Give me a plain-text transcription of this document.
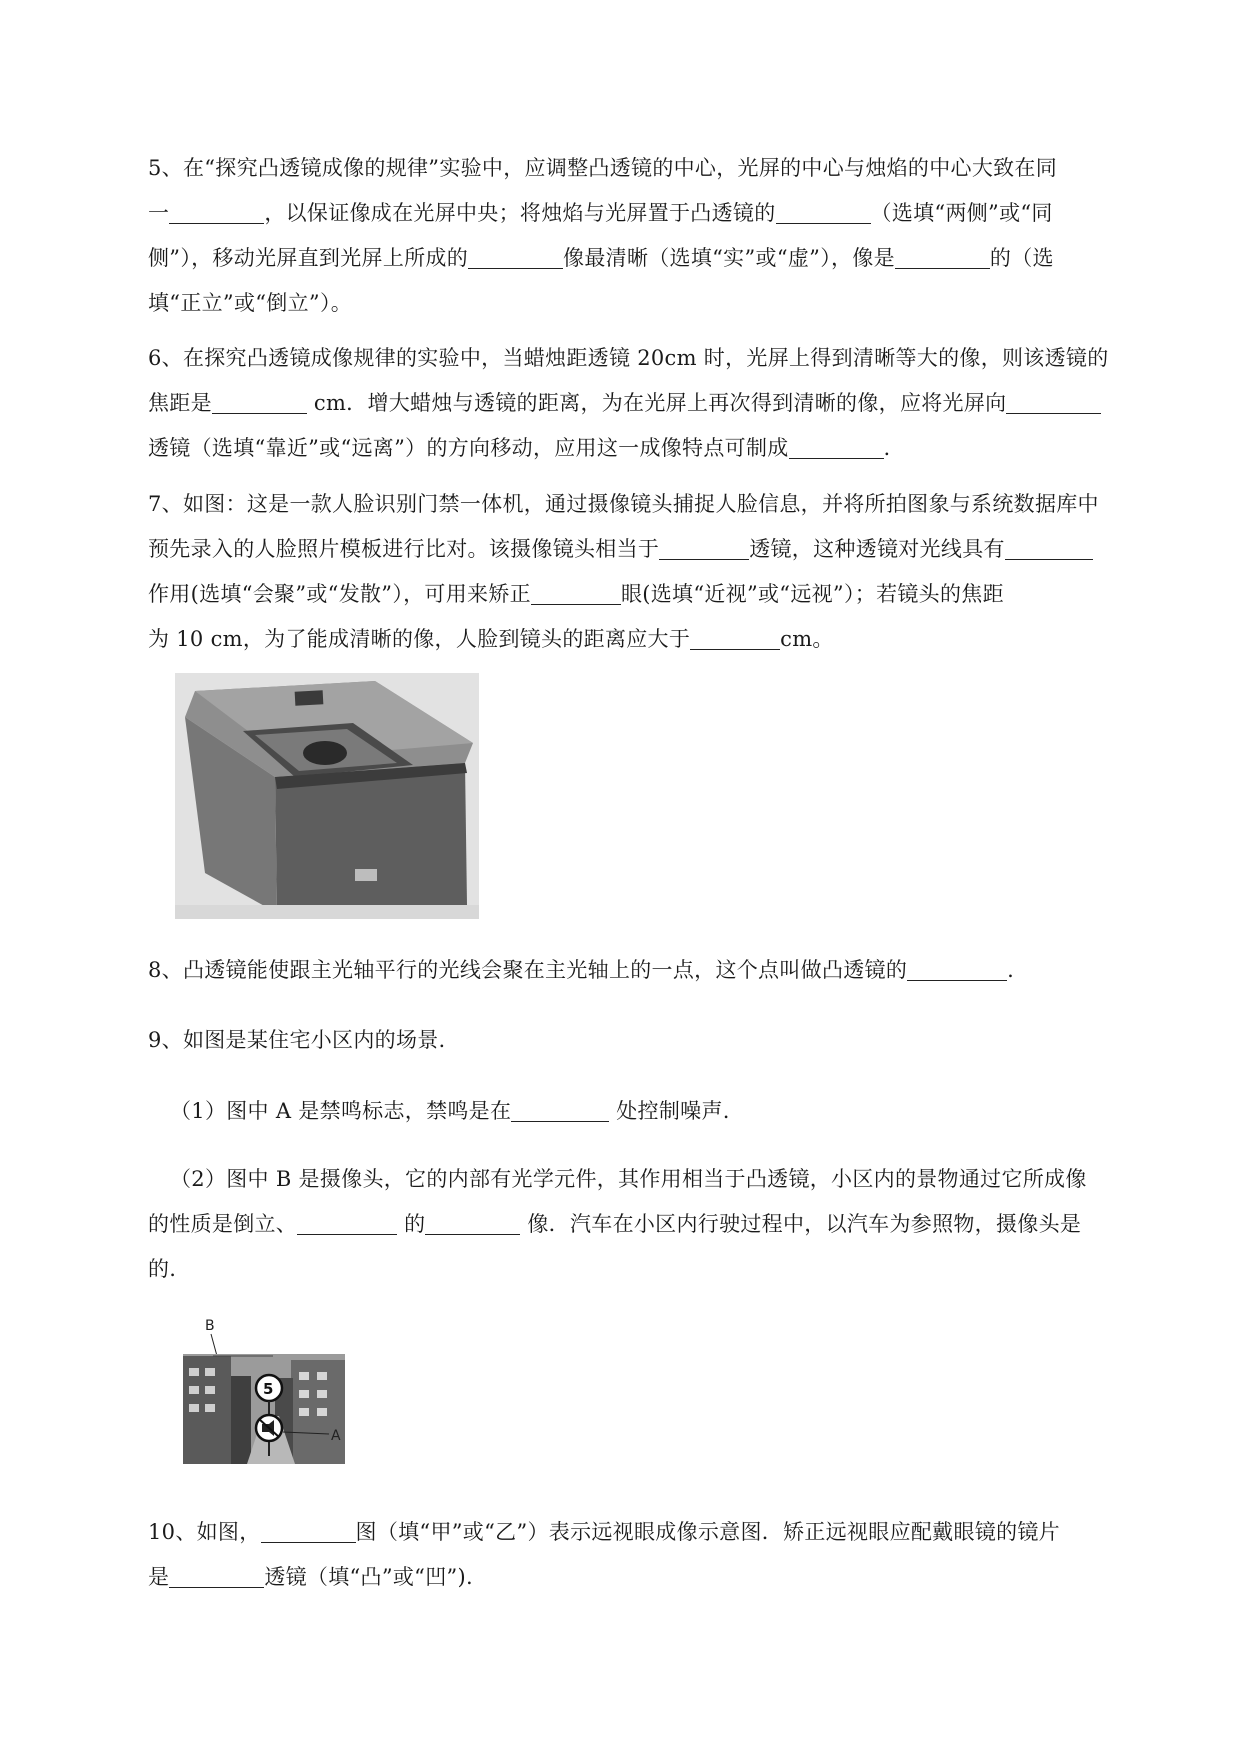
5、在“探究凸透镜成像的规律”实验中，应调整凸透镜的中心，光屏的中心与烛焰的中心大致在同
一	，以保证像成在光屏中央；将烛焰与光屏置于凸透镜的	（选填“两侧”或“同
侧”），移动光屏直到光屏上所成的	像最清晰（选填“实”或“虚”），像是	的（选
填“正立”或“倒立”）。
6、在探究凸透镜成像规律的实验中，当蜡烛距透镜 20cm 时，光屏上得到清晰等大的像，则该透镜的
焦距是	cm．增大蜡烛与透镜的距离，为在光屏上再次得到清晰的像，应将光屏向
透镜（选填“靠近”或“远离”）的方向移动，应用这一成像特点可制成	.
7、如图：这是一款人脸识别门禁一体机，通过摄像镜头捕捉人脸信息，并将所拍图象与系统数据库中
预先录入的人脸照片模板进行比对。该摄像镜头相当于	透镜，这种透镜对光线具有
作用(选填“会聚”或“发散”），可用来矫正	眼(选填“近视”或“远视”）；若镜头的焦距
为 10 cm，为了能成清晰的像，人脸到镜头的距离应大于	cm。
8、凸透镜能使跟主光轴平行的光线会聚在主光轴上的一点，这个点叫做凸透镜的	.
9、如图是某住宅小区内的场景.
（1）图中 A 是禁鸣标志，禁鸣是在	处控制噪声.
（2）图中 B 是摄像头，它的内部有光学元件，其作用相当于凸透镜，小区内的景物通过它所成像
的性质是倒立、	的	像．汽车在小区内行驶过程中，以汽车为参照物，摄像头是
的.
B
5
A
10、如图，	图（填“甲”或“乙”）表示远视眼成像示意图．矫正远视眼应配戴眼镜的镜片
是	透镜（填“凸”或“凹”).
